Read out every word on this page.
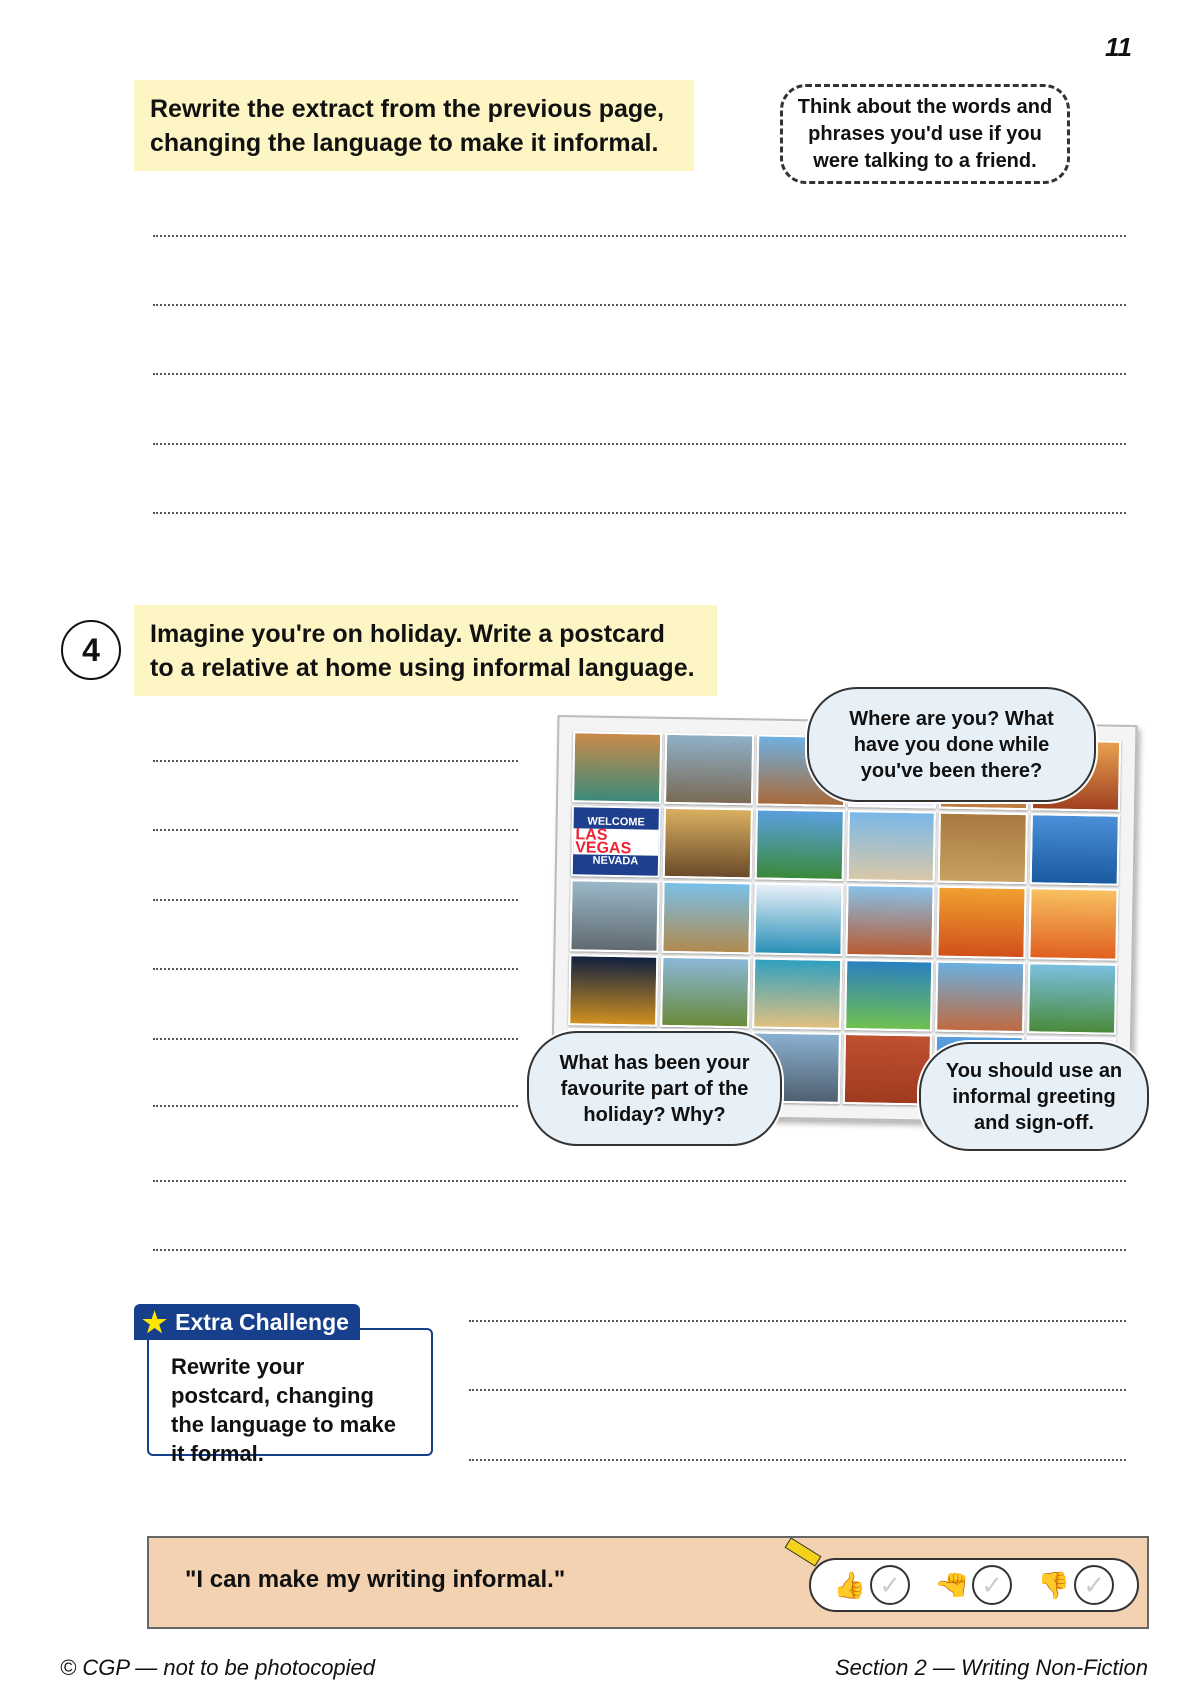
11
Rewrite the extract from the previous page,
changing the language to make it informal.
Think about the words and phrases you'd use if you were talking to a friend.
4	Imagine you're on holiday. Write a postcard
to a relative at home using informal language.
WELCOME
LAS VEGAS
NEVADA
Where are you? What have you done while you've been there?
What has been your favourite part of the holiday? Why?
You should use an informal greeting and sign-off.
★ Extra Challenge
Rewrite your postcard, changing the language to make it formal.
"I can make my writing informal."	👍 ✓	👍 ✓	👎 ✓
© CGP — not to be photocopied	Section 2 — Writing Non-Fiction
